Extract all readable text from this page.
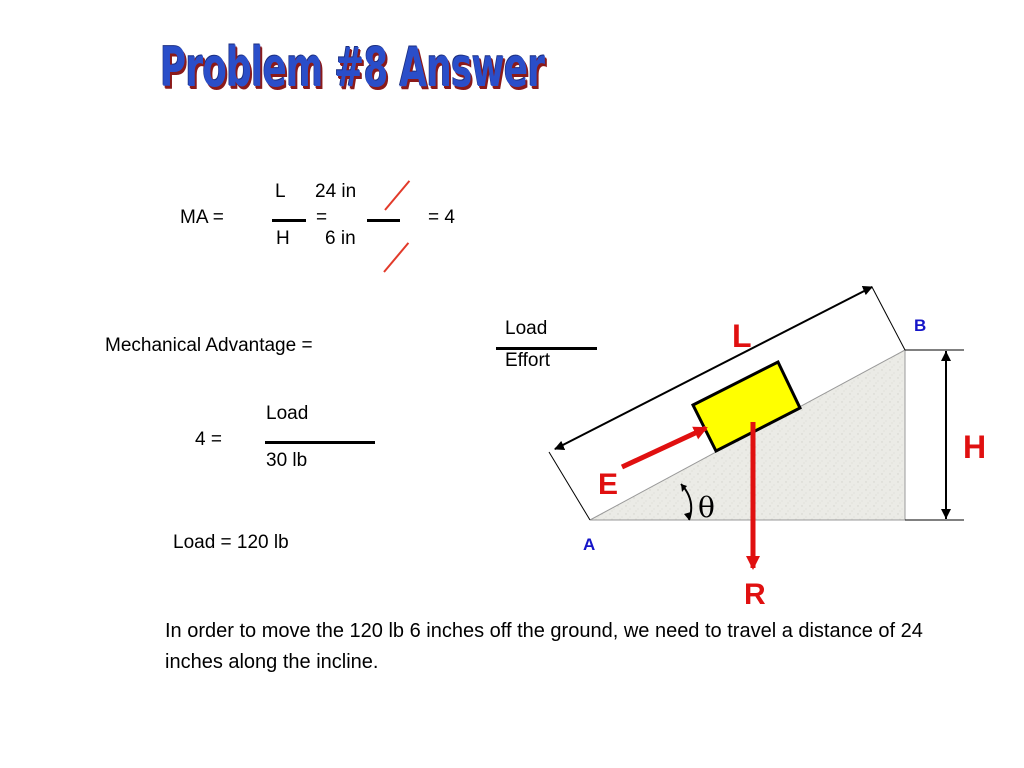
Problem #8 Answer
MA =
L
H
=
24 in
6 in
= 4
Mechanical Advantage =
Load
Effort
4 =
Load
30 lb
Load = 120 lb
L
H
E
R
θ
A
B
In order to move the 120 lb 6 inches off the ground, we need to travel a distance of 24 inches along the incline.
